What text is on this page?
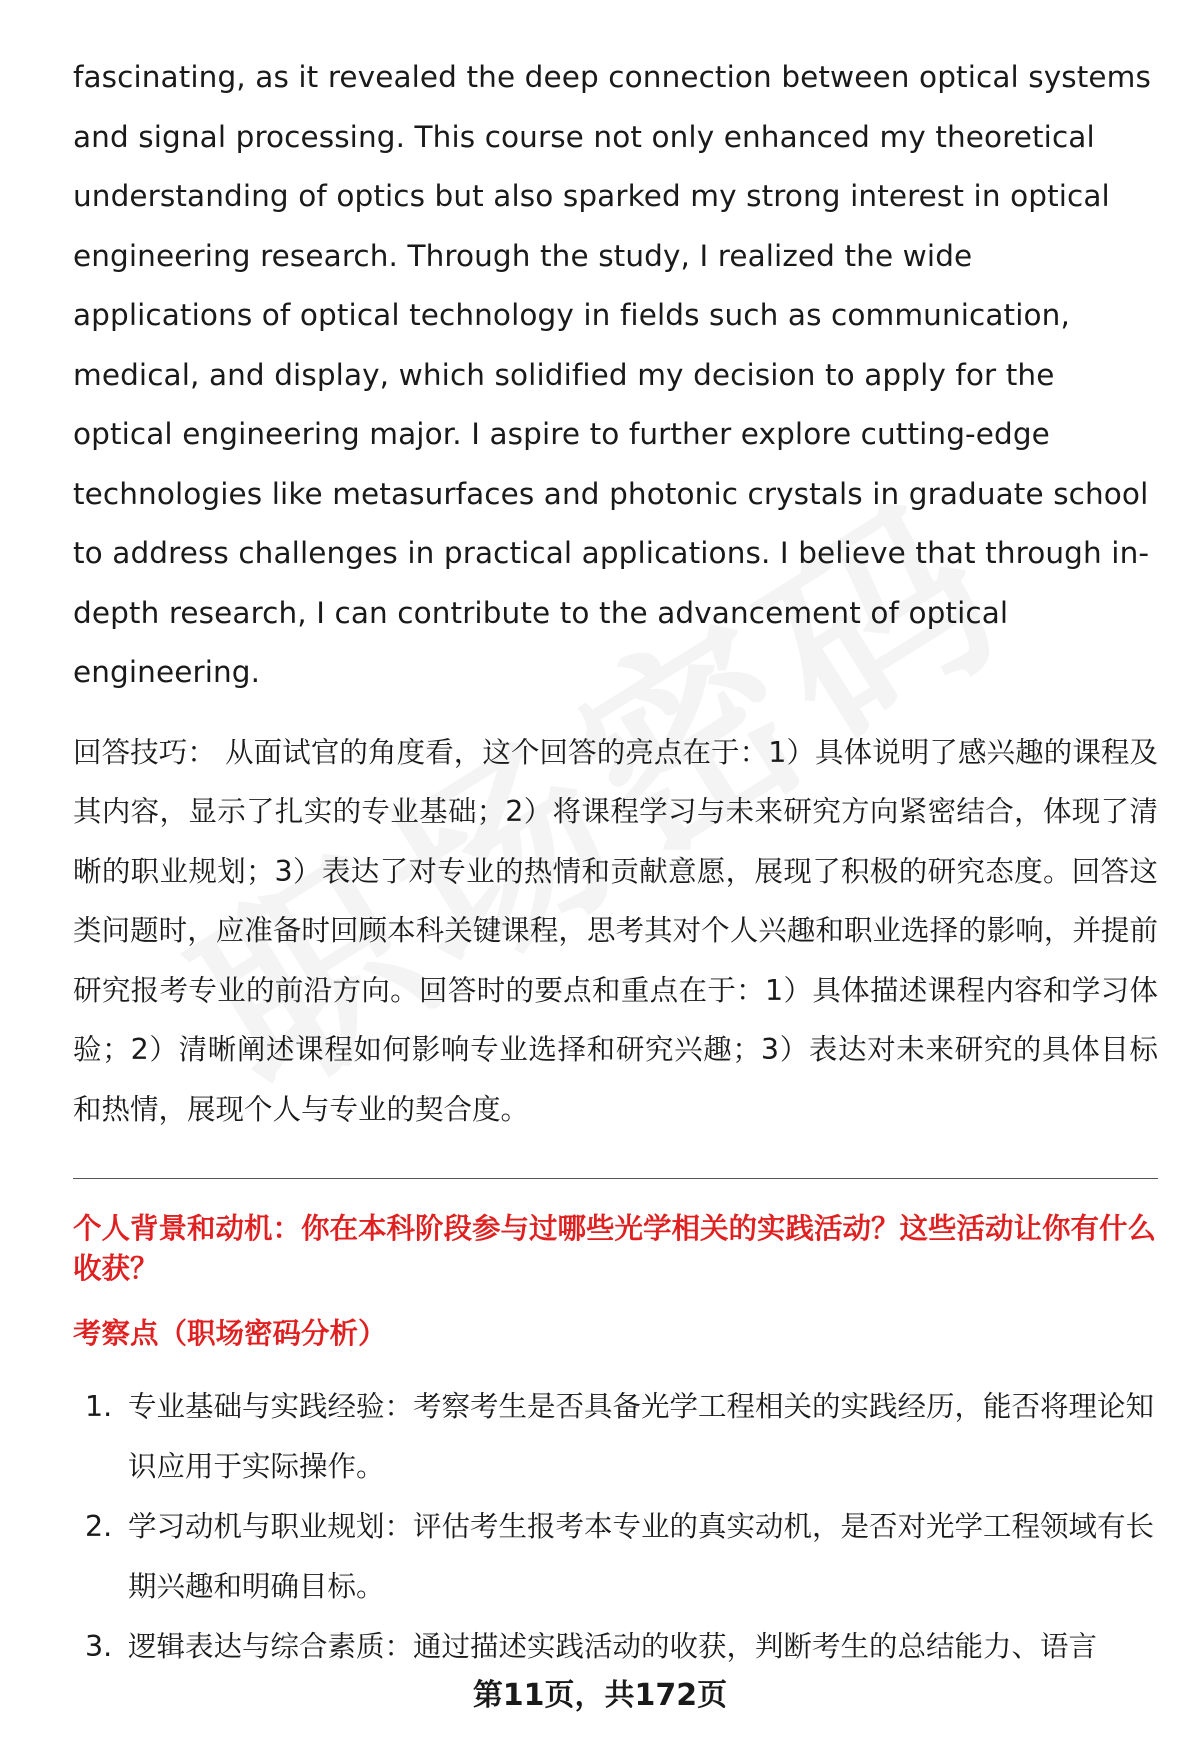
fascinating, as it revealed the deep connection between optical systems and signal processing. This course not only enhanced my theoretical understanding of optics but also sparked my strong interest in optical engineering research. Through the study, I realized the wide applications of optical technology in fields such as communication, medical, and display, which solidified my decision to apply for the optical engineering major. I aspire to further explore cutting-edge technologies like metasurfaces and photonic crystals in graduate school to address challenges in practical applications. I believe that through in-depth research, I can contribute to the advancement of optical engineering.

回答技巧： 从面试官的角度看，这个回答的亮点在于：1）具体说明了感兴趣的课程及其内容，显示了扎实的专业基础；2）将课程学习与未来研究方向紧密结合，体现了清晰的职业规划；3）表达了对专业的热情和贡献意愿，展现了积极的研究态度。回答这类问题时，应准备时回顾本科关键课程，思考其对个人兴趣和职业选择的影响，并提前研究报考专业的前沿方向。回答时的要点和重点在于：1）具体描述课程内容和学习体验；2）清晰阐述课程如何影响专业选择和研究兴趣；3）表达对未来研究的具体目标和热情，展现个人与专业的契合度。

个人背景和动机：你在本科阶段参与过哪些光学相关的实践活动？这些活动让你有什么收获？
考察点（职场密码分析）
1. 专业基础与实践经验：考察考生是否具备光学工程相关的实践经历，能否将理论知识应用于实际操作。
2. 学习动机与职业规划：评估考生报考本专业的真实动机，是否对光学工程领域有长期兴趣和明确目标。
3. 逻辑表达与综合素质：通过描述实践活动的收获，判断考生的总结能力、语言
第11页，共172页
